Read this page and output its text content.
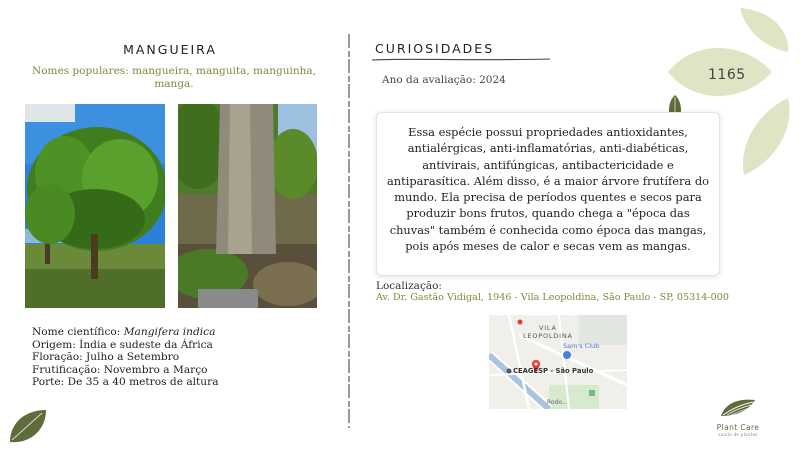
MANGUEIRA
Nomes populares: mangueira, manguita, manguinha, manga.
Nome científico: Mangifera indica
Origem: Índia e sudeste da África
Floração: Julho a Setembro
Frutificação: Novembro a Março
Porte: De 35 a 40 metros de altura
CURIOSIDADES
Ano da avaliação: 2024	1165

Essa espécie possui propriedades antioxidantes, antialérgicas, anti-inflamatórias, anti-diabéticas, antivirais, antifúngicas, antibactericidade e antiparasítica. Além disso, é a maior árvore frutífera do mundo. Ela precisa de períodos quentes e secos para produzir bons frutos, quando chega a "época das chuvas" também é conhecida como época das mangas, pois após meses de calor e secas vem as mangas.

Localização:
Av. Dr. Gastão Vidigal, 1946 - Vila Leopoldina, São Paulo - SP, 05314-000
VILA
LEOPOLDINA
Sam's Club
CEAGESP - São Paulo
Rodo...
Plant Care
saúde de plantas
